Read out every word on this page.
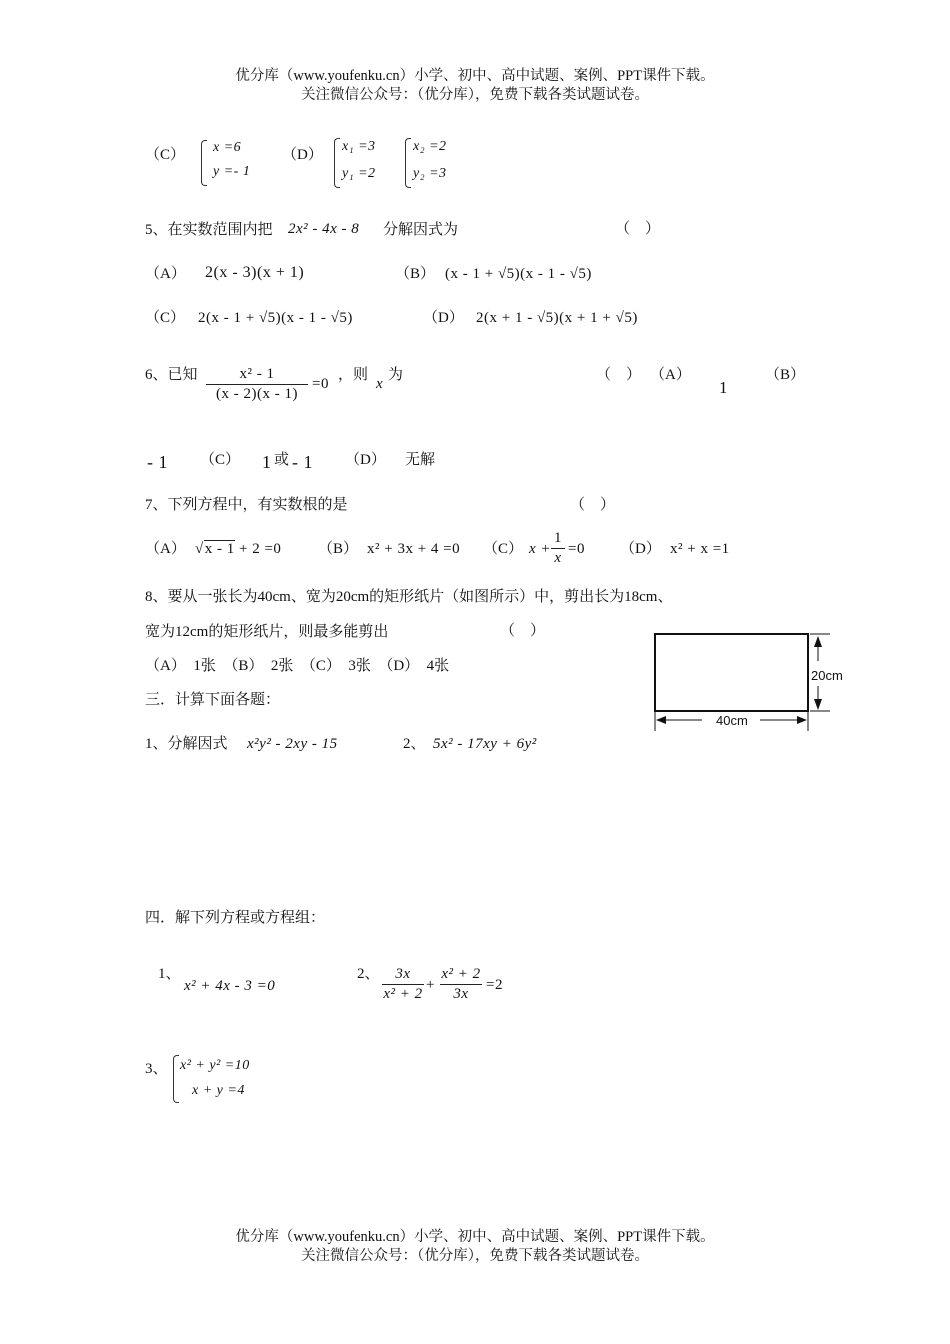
优分库（www.youfenku.cn）小学、初中、高中试题、案例、PPT课件下载。
关注微信公众号：（优分库），免费下载各类试题试卷。
（C） x =6
y =- 1
（D）
x₁ =3
y₁ =2
x₂ =2
y₂ =3
5、在实数范围内把 2x² - 4x - 8 分解因式为	（　）
（A） 2(x - 3)(x + 1)	（B） (x - 1 + √5)(x - 1 - √5)
（C） 2(x - 1 + √5)(x - 1 - √5)	（D） 2(x + 1 - √5)(x + 1 + √5)
6、已知	x² - 1
(x - 2)(x - 1)
=0
，则
x
为	（　） （A）
1
（B）
- 1 （C） 1 或 - 1 （D） 无解
7、下列方程中，有实数根的是	（　）
（A） √x - 1 + 2 =0 （B） x² + 3x + 4 =0 （C） x +
1
x
=0 （D） x² + x =1
8、要从一张长为40cm、宽为20cm的矩形纸片（如图所示）中，剪出长为18cm、
宽为12cm的矩形纸片，则最多能剪出	（　）
（A）　1张　（B）　2张　（C）　3张　（D）　4张
40cm
20cm
三．计算下面各题：
1、分解因式 x²y² - 2xy - 15	2、 5x² - 17xy + 6y²
四．解下列方程或方程组：
1、
x² + 4x - 3 =0
2、	3x
x² + 2
+
x² + 2
3x
=2
3、 x² + y² =10
x + y =4
优分库（www.youfenku.cn）小学、初中、高中试题、案例、PPT课件下载。
关注微信公众号：（优分库），免费下载各类试题试卷。
